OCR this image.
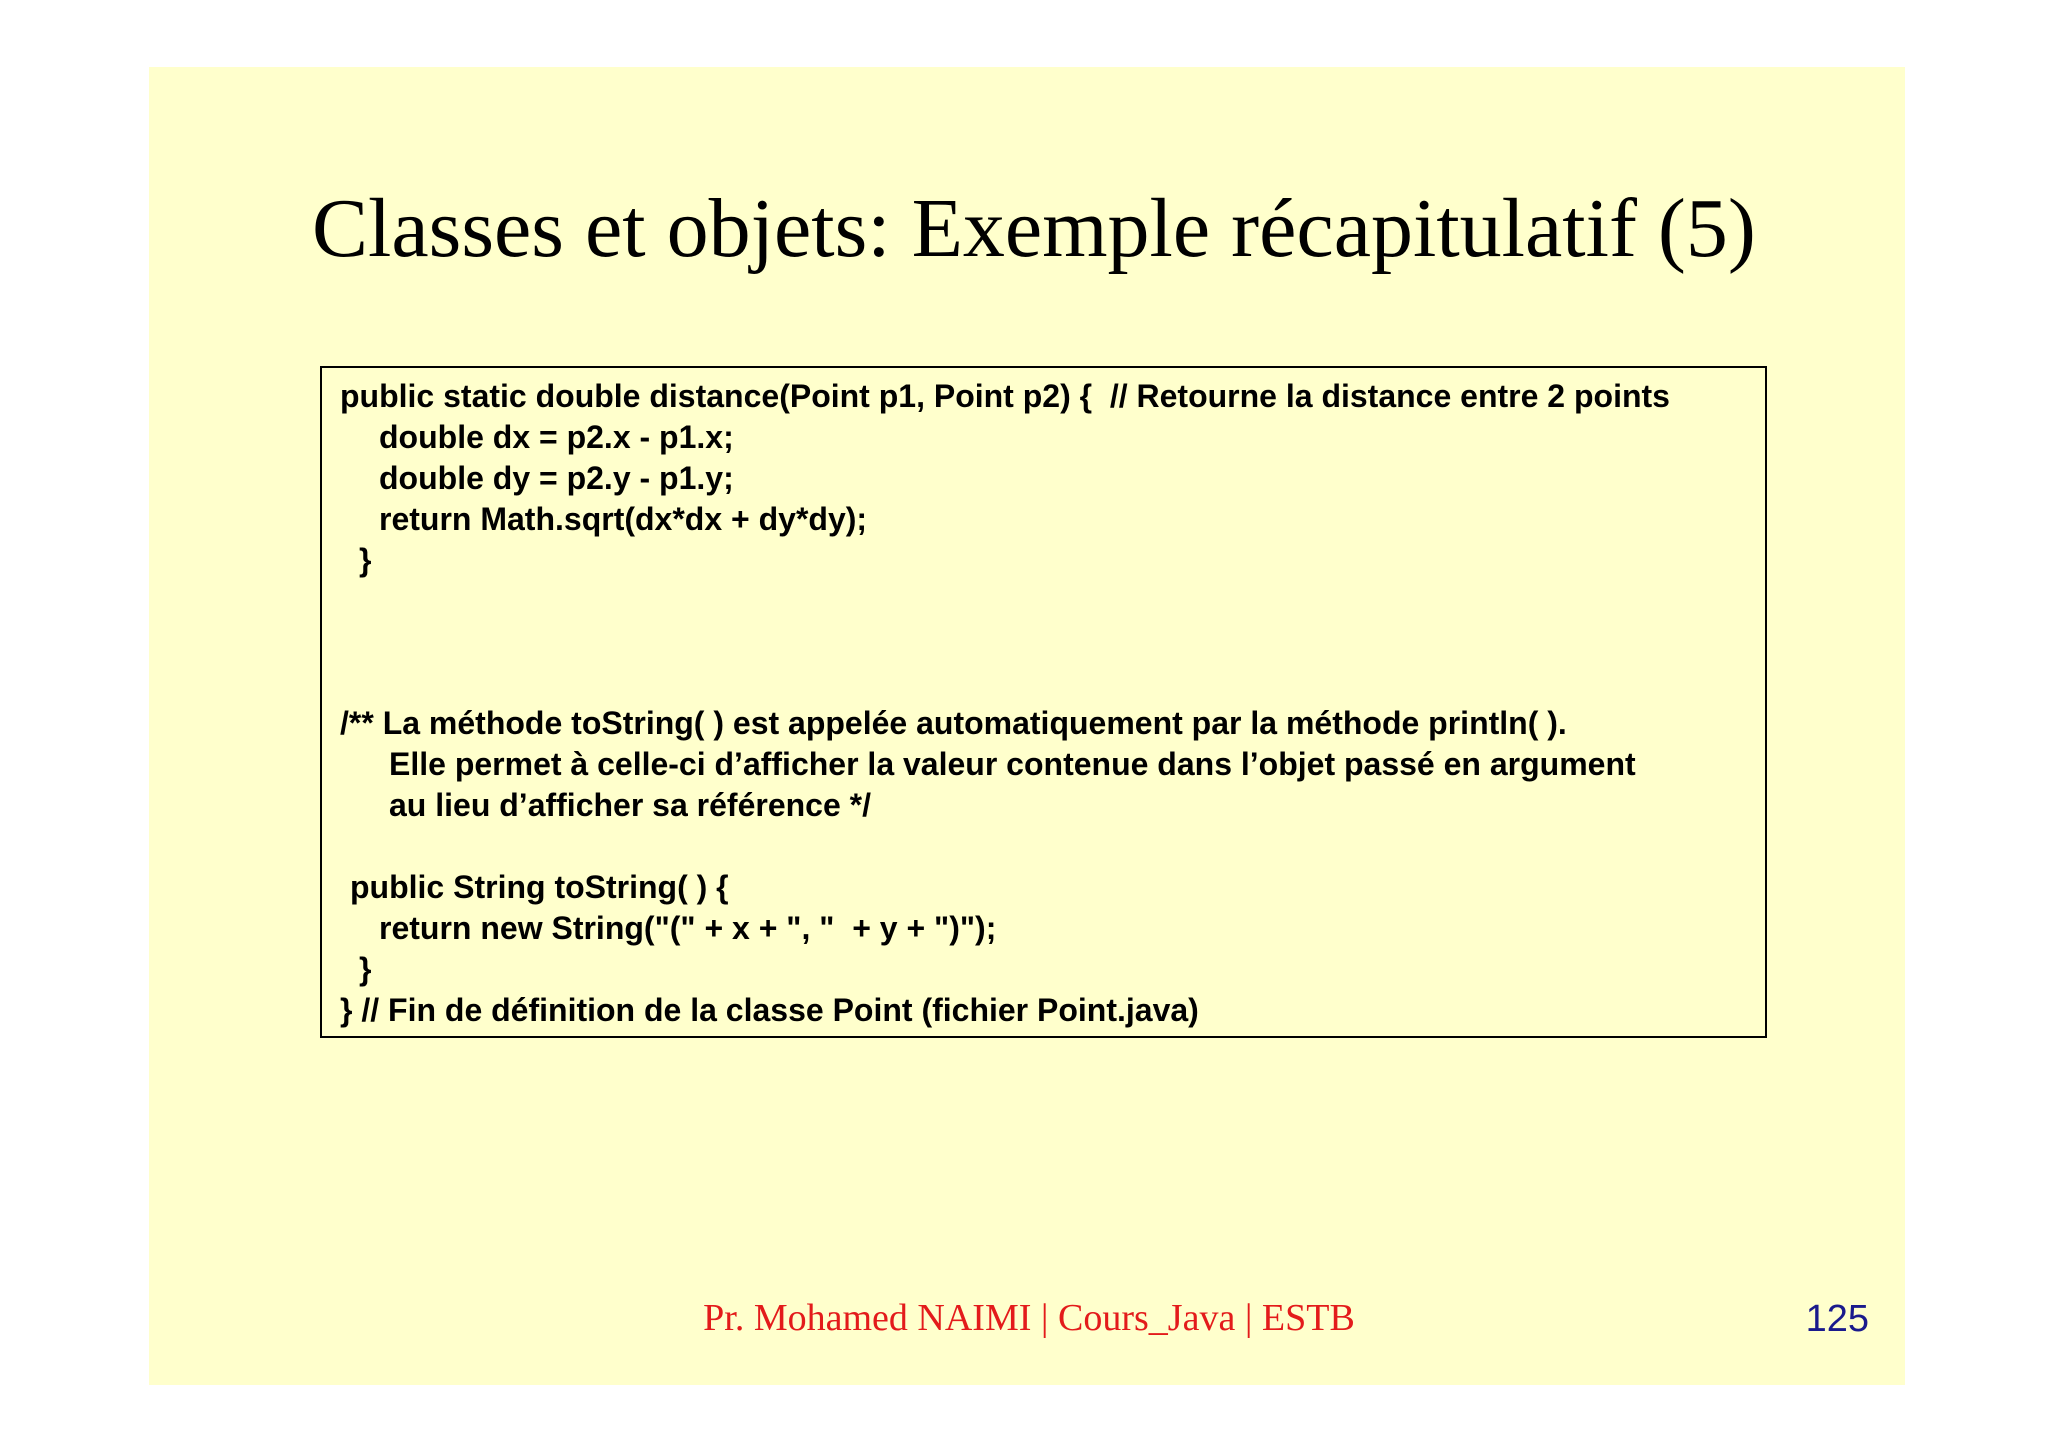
Classes et objets: Exemple récapitulatif (5)
public static double distance(Point p1, Point p2) {  // Retourne la distance entre 2 points
double dx = p2.x - p1.x;
double dy = p2.y - p1.y;
return Math.sqrt(dx*dx + dy*dy);
}
/** La méthode toString( ) est appelée automatiquement par la méthode println( ).
Elle permet à celle-ci d’afficher la valeur contenue dans l’objet passé en argument
au lieu d’afficher sa référence */
public String toString( ) {
return new String("(" + x + ", "  + y + ")");
}
} // Fin de définition de la classe Point (fichier Point.java)
Pr. Mohamed NAIMI | Cours_Java | ESTB	125
